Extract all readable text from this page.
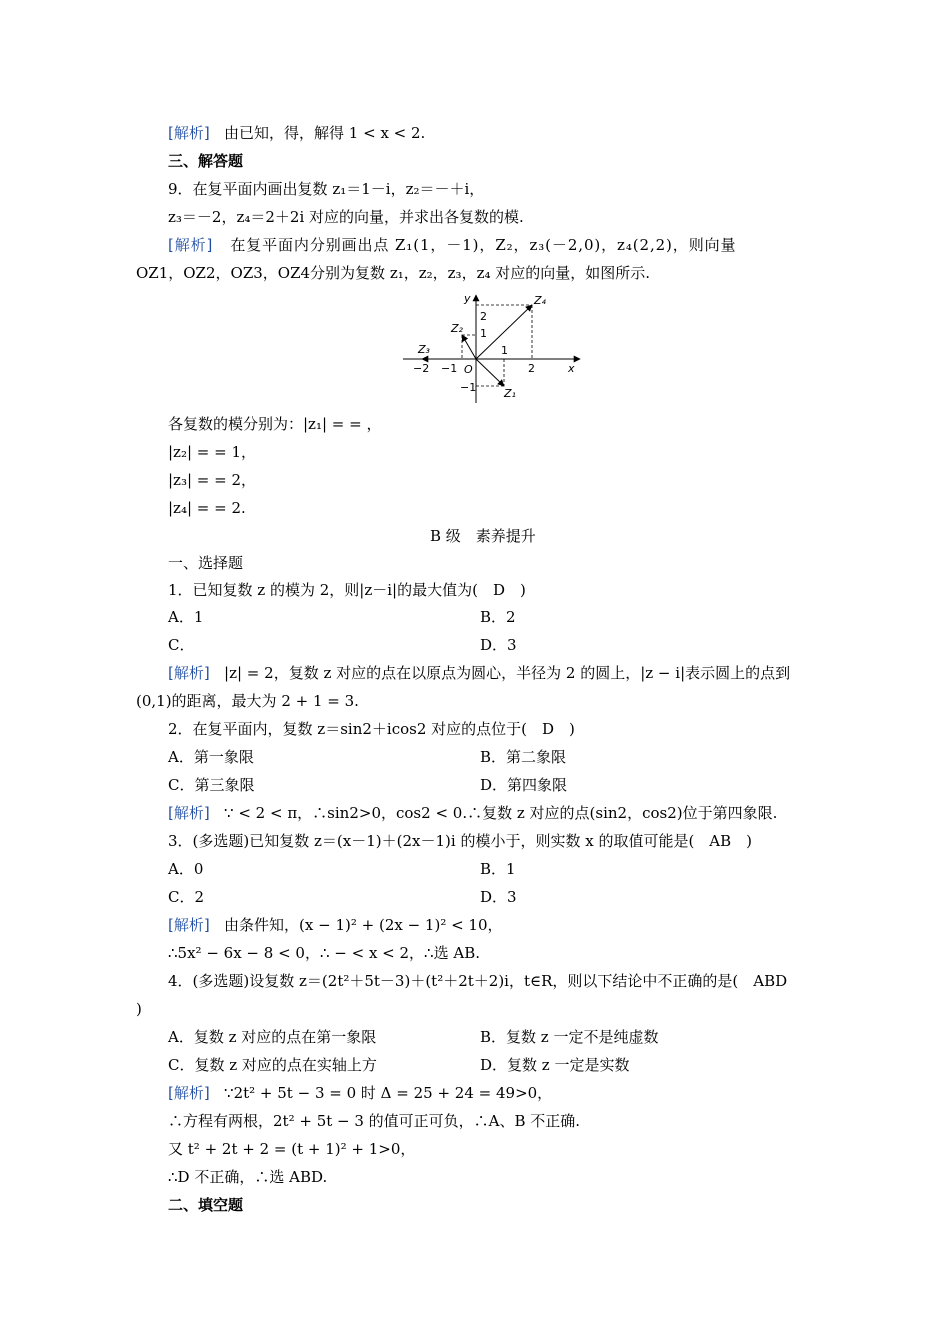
[解析] 由已知，得，解得 1 < x < 2.
三、解答题
9．在复平面内画出复数 z₁＝1－i，z₂＝－＋i，
z₃＝－2，z₄＝2＋2i 对应的向量，并求出各复数的模.
[解析] 在复平面内分别画出点 Z₁(1，－1)，Z₂，z₃(－2,0)，z₄(2,2)，则向量
OZ1，OZ2，OZ3，OZ4分别为复数 z₁，z₂，z₃，z₄ 对应的向量，如图所示.
y
x
O
Z₄
Z₂
Z₃
Z₁
2
1
−1
1
2
−1
−2
各复数的模分别为：|z₁| = = ，
|z₂| = = 1，
|z₃| = = 2，
|z₄| = = 2.
B 级　素养提升
一、选择题
1．已知复数 z 的模为 2，则|z－i|的最大值为(　D　)
A．1	B．2
C．	D．3
[解析] |z| = 2，复数 z 对应的点在以原点为圆心，半径为 2 的圆上，|z − i|表示圆上的点到
(0,1)的距离，最大为 2 + 1 = 3.
2．在复平面内，复数 z＝sin2＋icos2 对应的点位于(　D　)
A．第一象限	B．第二象限
C．第三象限	D．第四象限
[解析] ∵ < 2 < π，∴sin2>0，cos2 < 0.∴复数 z 对应的点(sin2，cos2)位于第四象限.
3．(多选题)已知复数 z＝(x－1)＋(2x－1)i 的模小于，则实数 x 的取值可能是(　AB　)
A．0	B．1
C．2	D．3
[解析] 由条件知，(x − 1)² + (2x − 1)² < 10，
∴5x² − 6x − 8 < 0，∴ − < x < 2，∴选 AB.
4．(多选题)设复数 z＝(2t²＋5t－3)＋(t²＋2t＋2)i，t∈R，则以下结论中不正确的是(　ABD
)
A．复数 z 对应的点在第一象限	B．复数 z 一定不是纯虚数
C．复数 z 对应的点在实轴上方	D．复数 z 一定是实数
[解析] ∵2t² + 5t − 3 = 0 时 Δ = 25 + 24 = 49>0，
∴方程有两根，2t² + 5t − 3 的值可正可负，∴A、B 不正确.
又 t² + 2t + 2 = (t + 1)² + 1>0，
∴D 不正确，∴选 ABD.
二、填空题
